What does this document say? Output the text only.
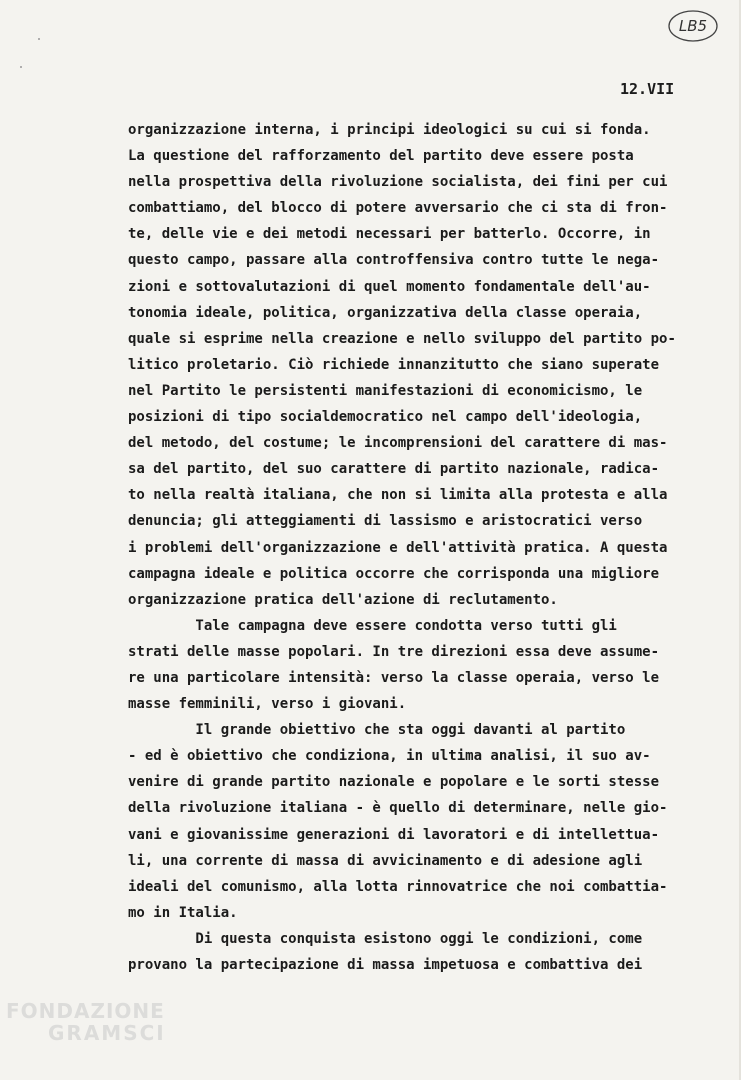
LB5
12.VII
organizzazione interna, i principi ideologici su cui si fonda.
La questione del rafforzamento del partito deve essere posta
nella prospettiva della rivoluzione socialista, dei fini per cui
combattiamo, del blocco di potere avversario che ci sta di fron-
te, delle vie e dei metodi necessari per batterlo. Occorre, in
questo campo, passare alla controffensiva contro tutte le nega-
zioni e sottovalutazioni di quel momento fondamentale dell'au-
tonomia ideale, politica, organizzativa della classe operaia,
quale si esprime nella creazione e nello sviluppo del partito po-
litico proletario. Ciò richiede innanzitutto che siano superate
nel Partito le persistenti manifestazioni di economicismo, le
posizioni di tipo socialdemocratico nel campo dell'ideologia,
del metodo, del costume; le incomprensioni del carattere di mas-
sa del partito, del suo carattere di partito nazionale, radica-
to nella realtà italiana, che non si limita alla protesta e alla
denuncia; gli atteggiamenti di lassismo e aristocratici verso
i problemi dell'organizzazione e dell'attività pratica. A questa
campagna ideale e politica occorre che corrisponda una migliore
organizzazione pratica dell'azione di reclutamento.
Tale campagna deve essere condotta verso tutti gli
strati delle masse popolari. In tre direzioni essa deve assume-
re una particolare intensità: verso la classe operaia, verso le
masse femminili, verso i giovani.
Il grande obiettivo che sta oggi davanti al partito
- ed è obiettivo che condiziona, in ultima analisi, il suo av-
venire di grande partito nazionale e popolare e le sorti stesse
della rivoluzione italiana - è quello di determinare, nelle gio-
vani e giovanissime generazioni di lavoratori e di intellettua-
li, una corrente di massa di avvicinamento e di adesione agli
ideali del comunismo, alla lotta rinnovatrice che noi combattia-
mo in Italia.
Di questa conquista esistono oggi le condizioni, come
provano la partecipazione di massa impetuosa e combattiva dei
FONDAZIONE
GRAMSCI
